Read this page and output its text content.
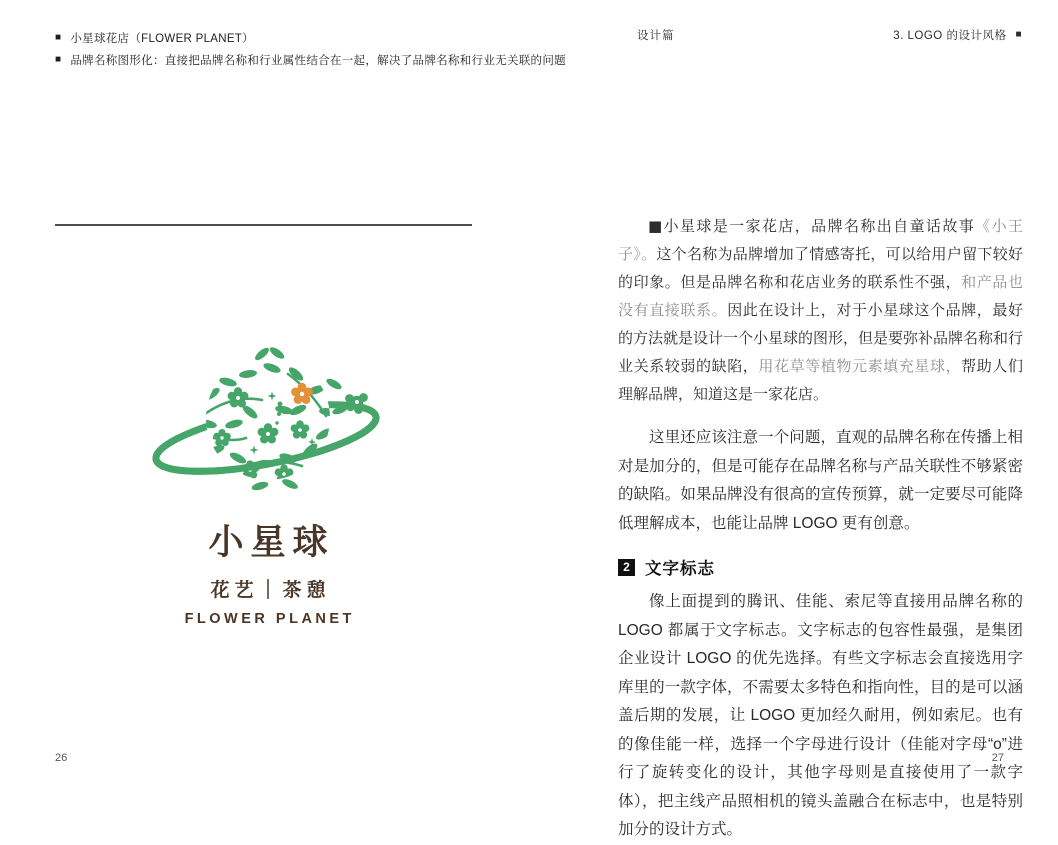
■ 小星球花店（FLOWER PLANET）
■ 品牌名称图形化：直接把品牌名称和行业属性结合在一起，解决了品牌名称和行业无关联的问题
设计篇	3. LOGO 的设计风格 ■
小星球
花艺｜茶憩
FLOWER PLANET
26

■小星球是一家花店，品牌名称出自童话故事《小王子》。这个名称为品牌增加了情感寄托，可以给用户留下较好的印象。但是品牌名称和花店业务的联系性不强，和产品也没有直接联系。因此在设计上，对于小星球这个品牌，最好的方法就是设计一个小星球的图形，但是要弥补品牌名称和行业关系较弱的缺陷，用花草等植物元素填充星球，帮助人们理解品牌，知道这是一家花店。

这里还应该注意一个问题，直观的品牌名称在传播上相对是加分的，但是可能存在品牌名称与产品关联性不够紧密的缺陷。如果品牌没有很高的宣传预算，就一定要尽可能降低理解成本，也能让品牌 LOGO 更有创意。

2 文字标志

像上面提到的腾讯、佳能、索尼等直接用品牌名称的 LOGO 都属于文字标志。文字标志的包容性最强，是集团企业设计 LOGO 的优先选择。有些文字标志会直接选用字库里的一款字体，不需要太多特色和指向性，目的是可以涵盖后期的发展，让 LOGO 更加经久耐用，例如索尼。也有的像佳能一样，选择一个字母进行设计（佳能对字母“o”进行了旋转变化的设计，其他字母则是直接使用了一款字体），把主线产品照相机的镜头盖融合在标志中，也是特别加分的设计方式。

27
